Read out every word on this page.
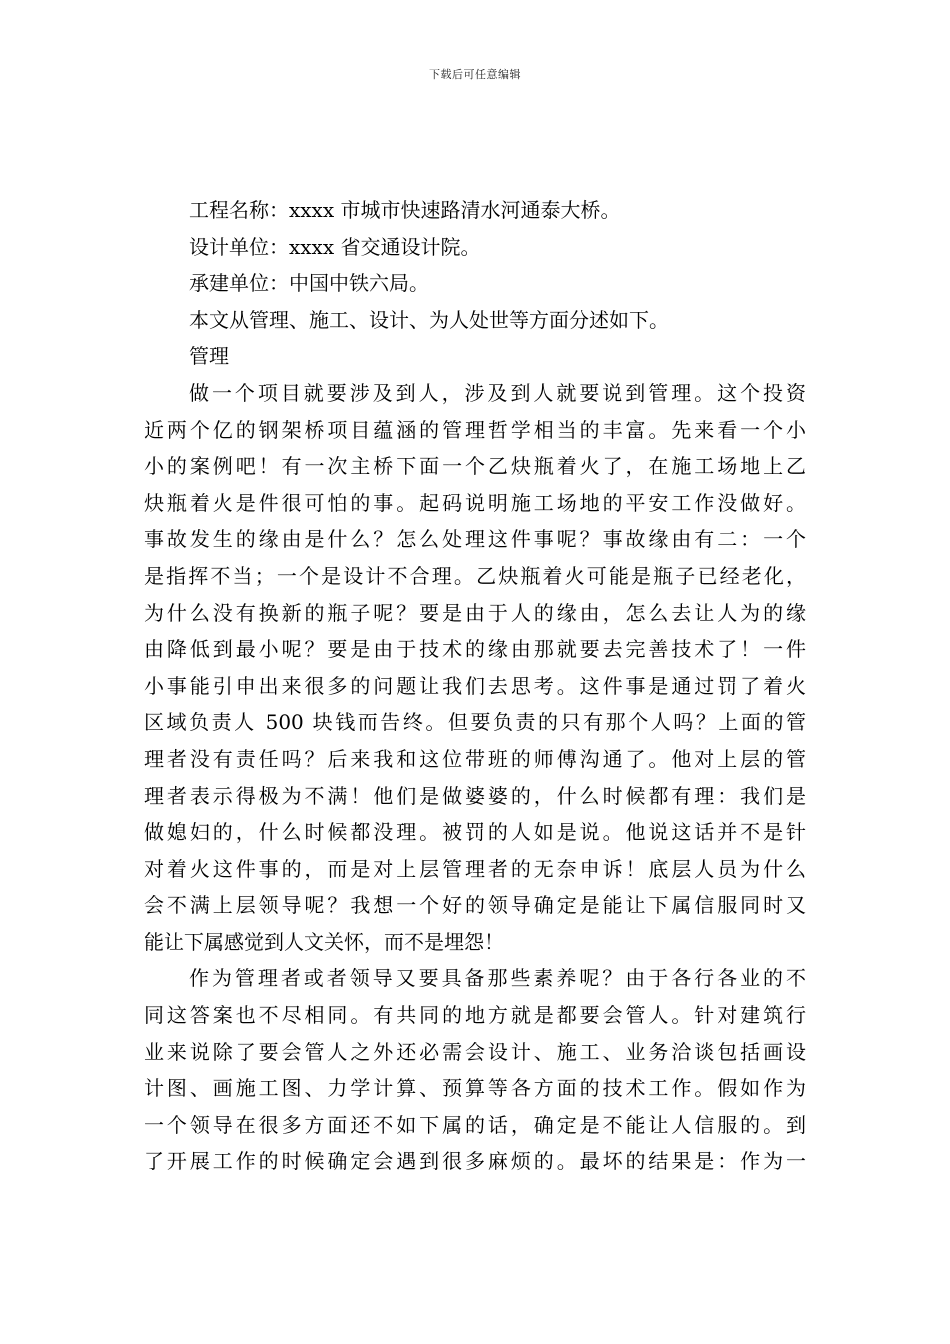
下载后可任意编辑
工程名称：xxxx 市城市快速路清水河通泰大桥。
设计单位：xxxx 省交通设计院。
承建单位：中国中铁六局。
本文从管理、施工、设计、为人处世等方面分述如下。
管理
做一个项目就要涉及到人，涉及到人就要说到管理。这个投资
近两个亿的钢架桥项目蕴涵的管理哲学相当的丰富。先来看一个小
小的案例吧！有一次主桥下面一个乙炔瓶着火了，在施工场地上乙
炔瓶着火是件很可怕的事。起码说明施工场地的平安工作没做好。
事故发生的缘由是什么？怎么处理这件事呢？事故缘由有二：一个
是指挥不当；一个是设计不合理。乙炔瓶着火可能是瓶子已经老化，
为什么没有换新的瓶子呢？要是由于人的缘由，怎么去让人为的缘
由降低到最小呢？要是由于技术的缘由那就要去完善技术了！一件
小事能引申出来很多的问题让我们去思考。这件事是通过罚了着火
区域负责人 500 块钱而告终。但要负责的只有那个人吗？上面的管
理者没有责任吗？后来我和这位带班的师傅沟通了。他对上层的管
理者表示得极为不满！他们是做婆婆的，什么时候都有理：我们是
做媳妇的，什么时候都没理。被罚的人如是说。他说这话并不是针
对着火这件事的，而是对上层管理者的无奈申诉！底层人员为什么
会不满上层领导呢？我想一个好的领导确定是能让下属信服同时又
能让下属感觉到人文关怀，而不是埋怨！
作为管理者或者领导又要具备那些素养呢？由于各行各业的不
同这答案也不尽相同。有共同的地方就是都要会管人。针对建筑行
业来说除了要会管人之外还必需会设计、施工、业务洽谈包括画设
计图、画施工图、力学计算、预算等各方面的技术工作。假如作为
一个领导在很多方面还不如下属的话，确定是不能让人信服的。到
了开展工作的时候确定会遇到很多麻烦的。最坏的结果是：作为一
